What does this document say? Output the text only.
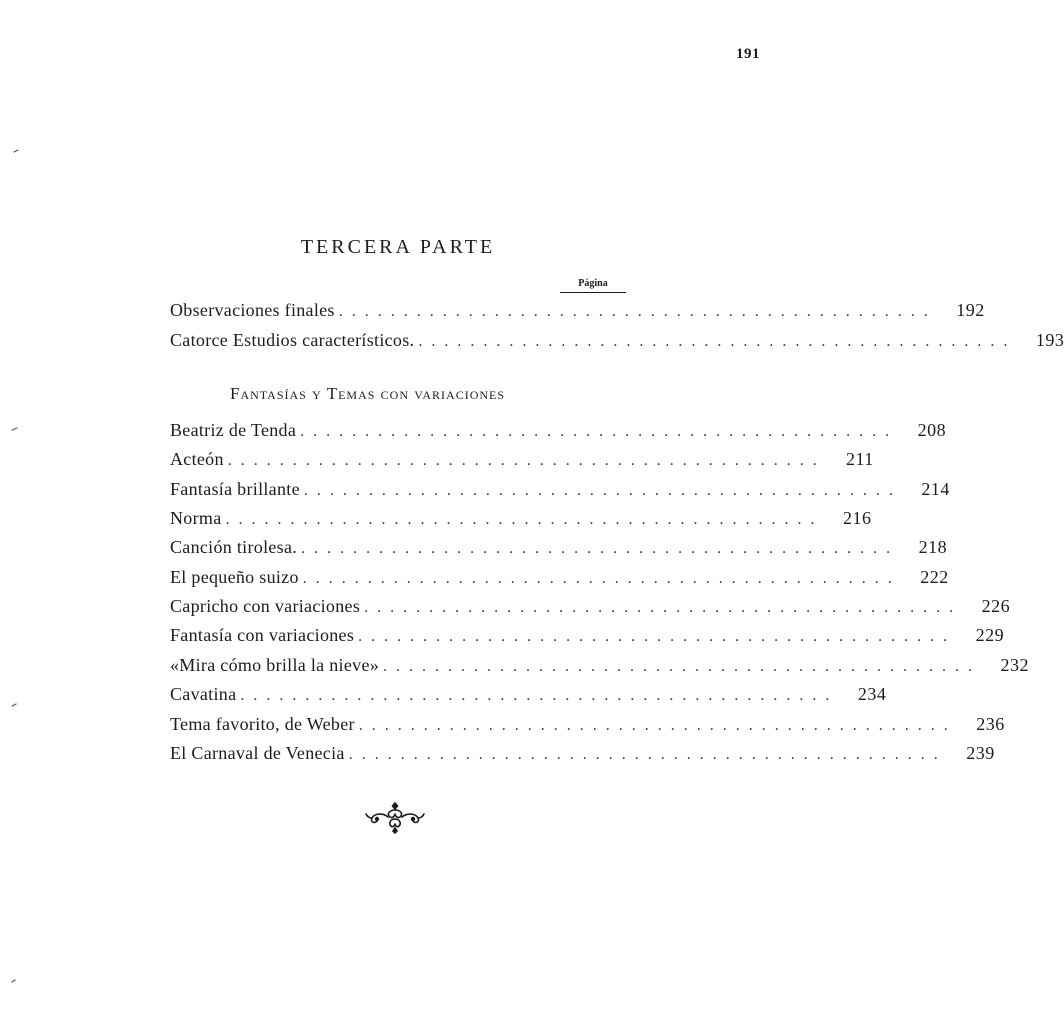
191
TERCERA PARTE
Página
Observaciones finales ..............................................	192
Catorce Estudios característicos. ..............................................	193
Fantasías y Temas con variaciones
Beatriz de Tenda ..............................................	208
Acteón ..............................................	211
Fantasía brillante ..............................................	214
Norma ..............................................	216
Canción tirolesa. ..............................................	218
El pequeño suizo ..............................................	222
Capricho con variaciones ..............................................	226
Fantasía con variaciones ..............................................	229
«Mira cómo brilla la nieve» ..............................................	232
Cavatina ..............................................	234
Tema favorito, de Weber ..............................................	236
El Carnaval de Venecia ..............................................	239
